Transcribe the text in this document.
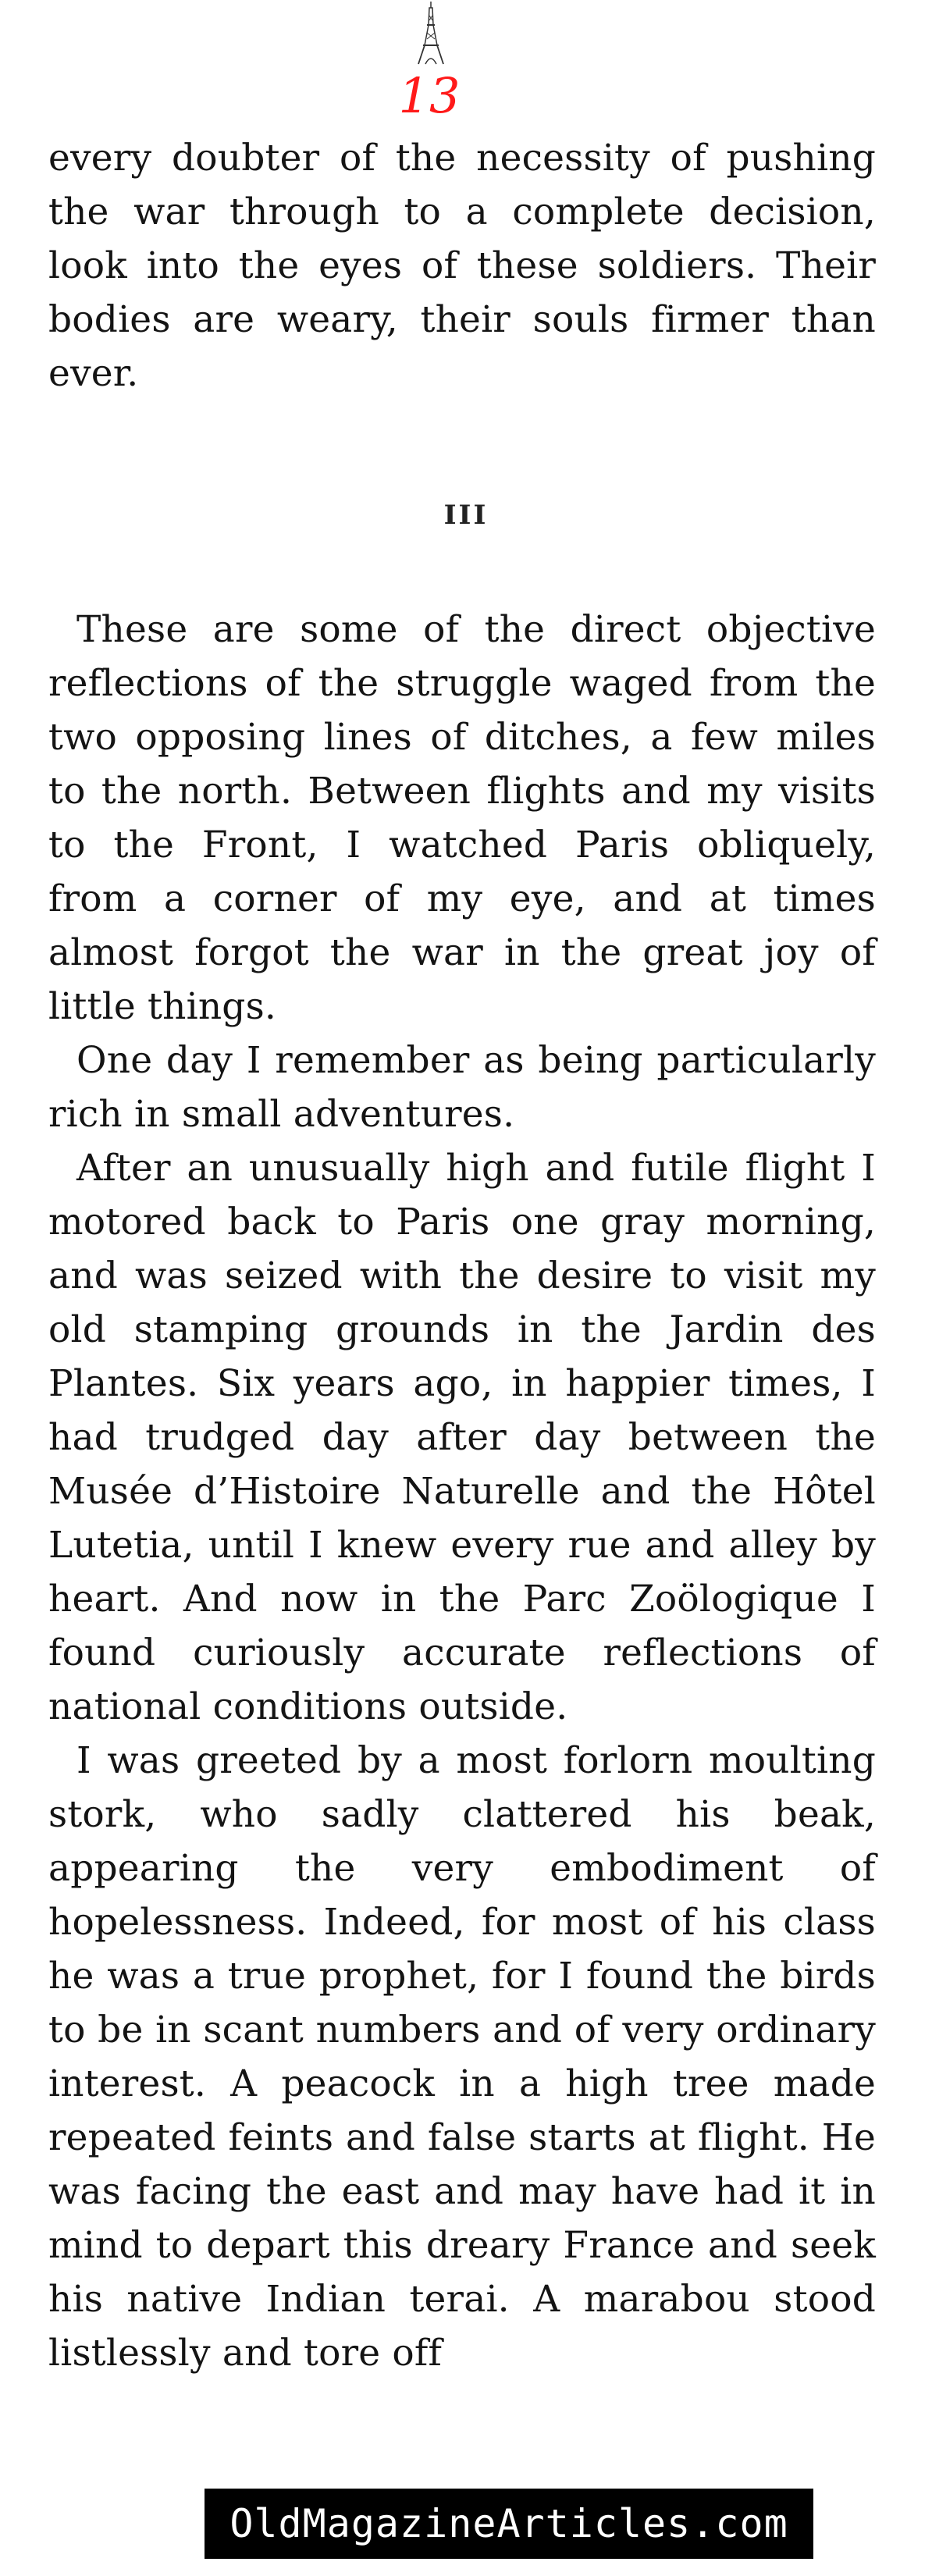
13

every doubter of the necessity of pushing the war through to a complete decision, look into the eyes of these soldiers. Their bodies are weary, their souls firmer than ever.

III

These are some of the direct objective reflections of the struggle waged from the two opposing lines of ditches, a few miles to the north. Between flights and my visits to the Front, I watched Paris obliquely, from a corner of my eye, and at times almost forgot the war in the great joy of little things.

One day I remember as being particularly rich in small adventures.

After an unusually high and futile flight I motored back to Paris one gray morning, and was seized with the desire to visit my old stamping grounds in the Jardin des Plantes. Six years ago, in happier times, I had trudged day after day between the Musée d’Histoire Naturelle and the Hôtel Lutetia, until I knew every rue and alley by heart. And now in the Parc Zoölogique I found curiously accurate reflections of national conditions outside.

I was greeted by a most forlorn moulting stork, who sadly clattered his beak, appearing the very embodiment of hopelessness. Indeed, for most of his class he was a true prophet, for I found the birds to be in scant numbers and of very ordinary interest. A peacock in a high tree made repeated feints and false starts at flight. He was facing the east and may have had it in mind to depart this dreary France and seek his native Indian terai. A marabou stood listlessly and tore off

OldMagazineArticles.com
